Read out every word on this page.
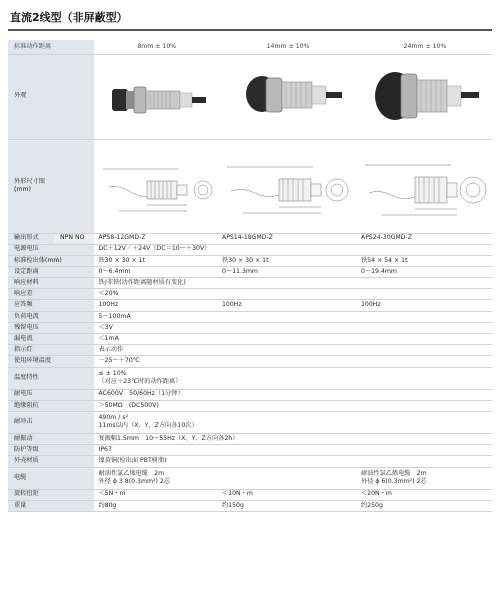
直流2线型（非屏蔽型）
标准动作距离	8mm ± 10%	14mm ± 10%	24mm ± 10%
外观	

外形尺寸图
(mm)

输出形式 NPN NO	APS8-12GMD-Z	APS14-18GMD-Z	APS24-30GMD-Z
电源电压	DC＋12V／＋24V（DC＝10～＋30V）		

标准检出体(mm)	铁30 × 30 × 1t	铁30 × 30 × 1t	铁54 × 54 × 1t

设定距离	0～6.4mm	0～11.3mm	0～19.4mm

响应材料	铁/非铁(动作距离随材质有变化)		

响应差	＜20%		

应答频	100Hz	100Hz	100Hz

负荷电流	5～100mA		

残留电压	＜3V		

漏电流	＜1mA		

指示灯	表示动作		

使用环境温度	－25～＋70℃		

温度特性	≤ ± 10%
（对应＋23℃时的动作距离）		

耐电压	AC600V　50/60Hz（1分钟）		

绝缘阻抗	＞50MΩ　(DC500V)		

耐冲击	490m / s²
11ms以内（X、Y、Z方向各10次）		

耐振动	复振幅1.5mm　10～55Hz（X、Y、Z方向各2h）		

防护等级	IP67		

外壳材质	镍黄铜(检出面 PBT树脂)		

电缆	耐油性氯乙烯电缆　2m
外径 ϕ 3.8(0.3mm²) 2芯		耐油性氯乙烯电缆　2m
外径 ϕ 6(0.3mm²) 2芯

旋转扭矩	＜5N・m	＜10N・m	＜20N・m

重量	约80g	约150g	约250g
